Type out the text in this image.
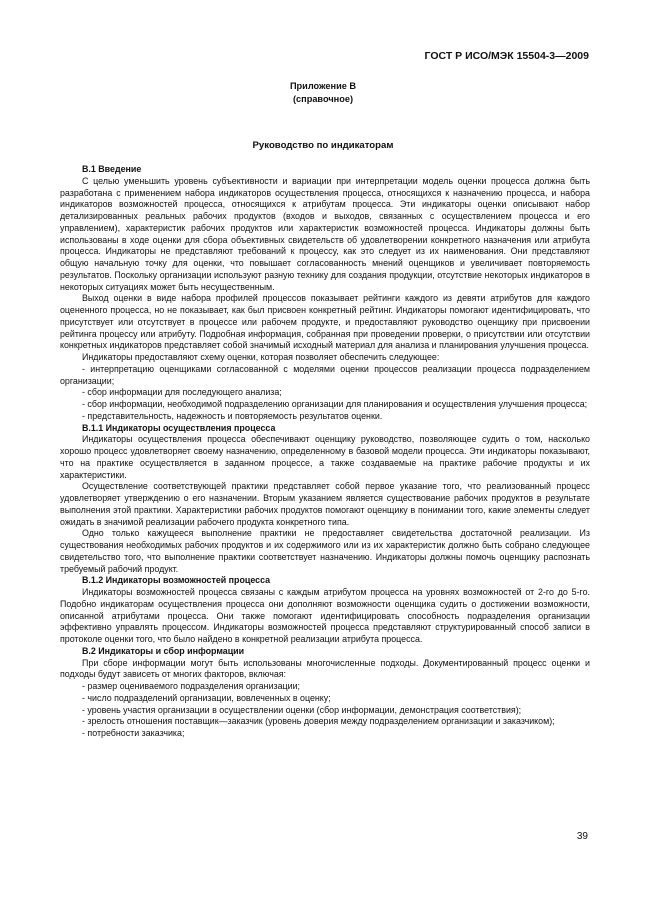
ГОСТ Р ИСО/МЭК 15504-3—2009
Приложение В
(справочное)
Руководство по индикаторам

В.1 Введение

С целью уменьшить уровень субъективности и вариации при интерпретации модель оценки процесса должна быть разработана с применением набора индикаторов осуществления процесса, относящихся к назначению процесса, и набора индикаторов возможностей процесса, относящихся к атрибутам процесса. Эти индикаторы оценки описывают набор детализированных реальных рабочих продуктов (входов и выходов, связанных с осуществлением процесса и его управлением), характеристик рабочих продуктов или характеристик возможностей процесса. Индикаторы должны быть использованы в ходе оценки для сбора объективных свидетельств об удовлетворении конкретного назначения или атрибута процесса. Индикаторы не представляют требований к процессу, как это следует из их наименования. Они представляют общую начальную точку для оценки, что повышает согласованность мнений оценщиков и увеличивает повторяемость результатов. Поскольку организации используют разную технику для создания продукции, отсутствие некоторых индикаторов в некоторых ситуациях может быть несущественным.

Выход оценки в виде набора профилей процессов показывает рейтинги каждого из девяти атрибутов для каждого оцененного процесса, но не показывает, как был присвоен конкретный рейтинг. Индикаторы помогают идентифицировать, что присутствует или отсутствует в процессе или рабочем продукте, и предоставляют руководство оценщику при присвоении рейтинга процессу или атрибуту. Подробная информация, собранная при проведении проверки, о присутствии или отсутствии конкретных индикаторов представляет собой значимый исходный материал для анализа и планирования улучшения процесса.

Индикаторы предоставляют схему оценки, которая позволяет обеспечить следующее:

- интерпретацию оценщиками согласованной с моделями оценки процессов реализации процесса подразделением организации;

- сбор информации для последующего анализа;

- сбор информации, необходимой подразделению организации для планирования и осуществления улучшения процесса;

- представительность, надежность и повторяемость результатов оценки.

В.1.1 Индикаторы осуществления процесса

Индикаторы осуществления процесса обеспечивают оценщику руководство, позволяющее судить о том, насколько хорошо процесс удовлетворяет своему назначению, определенному в базовой модели процесса. Эти индикаторы показывают, что на практике осуществляется в заданном процессе, а также создаваемые на практике рабочие продукты и их характеристики.

Осуществление соответствующей практики представляет собой первое указание того, что реализованный процесс удовлетворяет утверждению о его назначении. Вторым указанием является существование рабочих продуктов в результате выполнения этой практики. Характеристики рабочих продуктов помогают оценщику в понимании того, какие элементы следует ожидать в значимой реализации рабочего продукта конкретного типа.

Одно только кажущееся выполнение практики не предоставляет свидетельства достаточной реализации. Из существования необходимых рабочих продуктов и их содержимого или из их характеристик должно быть собрано следующее свидетельство того, что выполнение практики соответствует назначению. Индикаторы должны помочь оценщику распознать требуемый рабочий продукт.

В.1.2 Индикаторы возможностей процесса

Индикаторы возможностей процесса связаны с каждым атрибутом процесса на уровнях возможностей от 2-го до 5-го. Подобно индикаторам осуществления процесса они дополняют возможности оценщика судить о достижении возможности, описанной атрибутами процесса. Они также помогают идентифицировать способность подразделения организации эффективно управлять процессом. Индикаторы возможностей процесса представляют структурированный способ записи в протоколе оценки того, что было найдено в конкретной реализации атрибута процесса.

В.2 Индикаторы и сбор информации

При сборе информации могут быть использованы многочисленные подходы. Документированный процесс оценки и подходы будут зависеть от многих факторов, включая:

- размер оцениваемого подразделения организации;

- число подразделений организации, вовлеченных в оценку;

- уровень участия организации в осуществлении оценки (сбор информации, демонстрация соответствия);

- зрелость отношения поставщик—заказчик (уровень доверия между подразделением организации и заказчиком);

- потребности заказчика;

39
